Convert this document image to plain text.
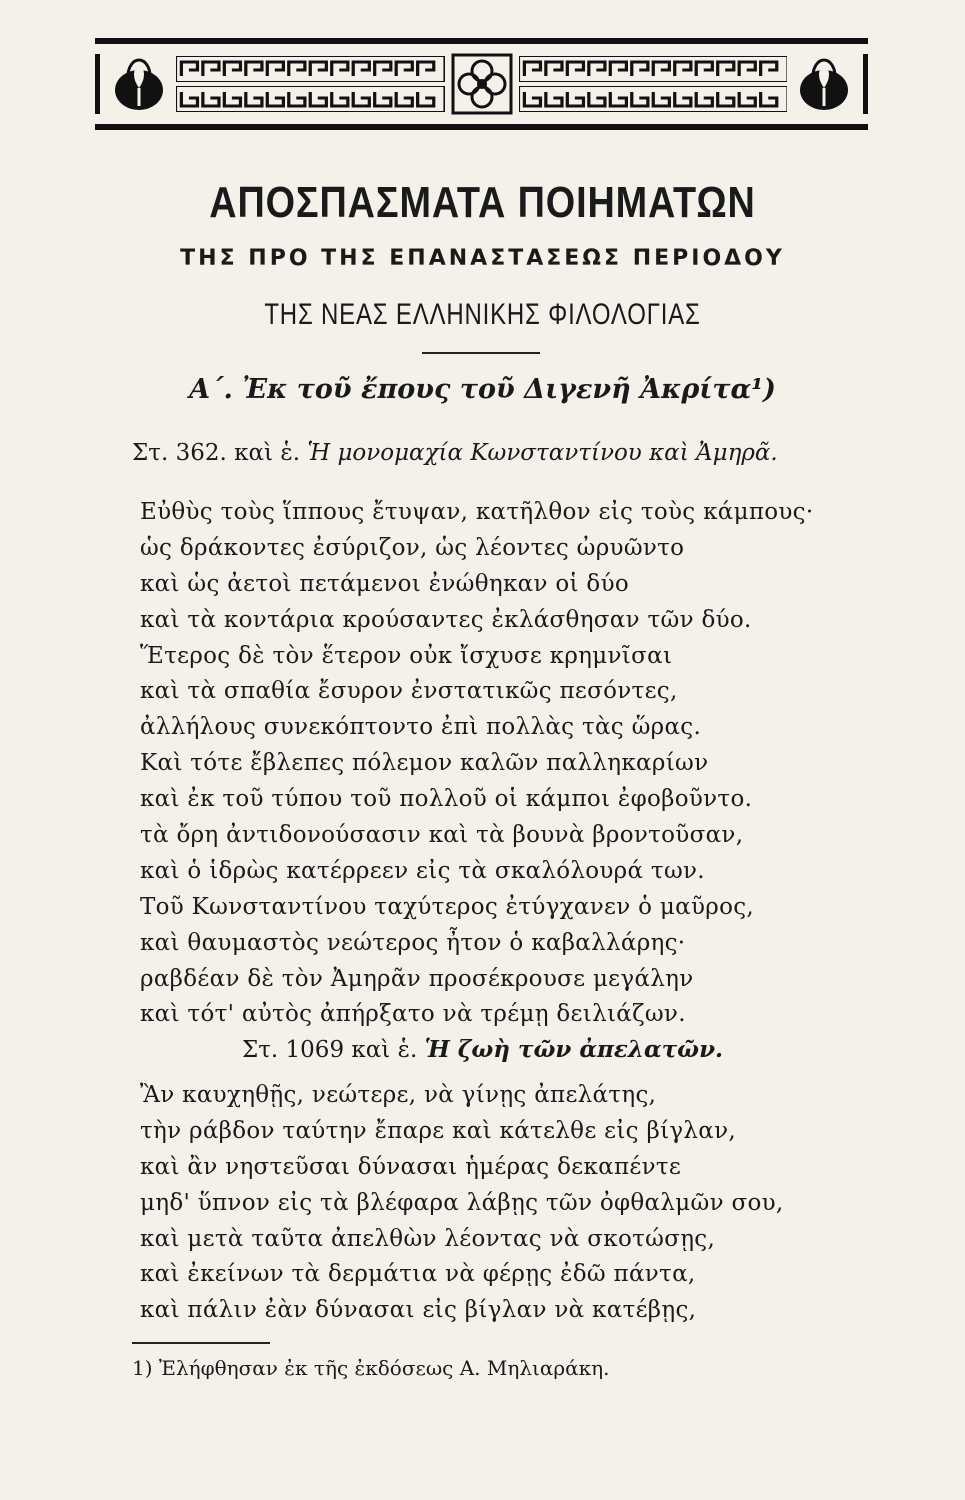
ΑΠΟΣΠΑΣΜΑΤΑ ΠΟΙΗΜΑΤΩΝ
ΤΗΣ ΠΡΟ ΤΗΣ ΕΠΑΝΑΣΤΑΣΕΩΣ ΠΕΡΙΟΔΟΥ
ΤΗΣ ΝΕΑΣ ΕΛΛΗΝΙΚΗΣ ΦΙΛΟΛΟΓΙΑΣ
Α΄. Ἐκ τοῦ ἔπους τοῦ Διγενῆ Ἀκρίτα¹)
Στ. 362. καὶ ἑ. Ἡ μονομαχία Κωνσταντίνου καὶ Ἀμηρᾶ.
Εὐθὺς τοὺς ἵππους ἔτυψαν, κατῆλθον εἰς τοὺς κάμπους·
ὡς δράκοντες ἐσύριζον, ὡς λέοντες ὠρυῶντο
καὶ ὡς ἀετοὶ πετάμενοι ἐνώθηκαν οἱ δύο
καὶ τὰ κοντάρια κρούσαντες ἐκλάσθησαν τῶν δύο.
Ἕτερος δὲ τὸν ἕτερον οὐκ ἴσχυσε κρημνῖσαι
καὶ τὰ σπαθία ἔσυρον ἐνστατικῶς πεσόντες,
ἀλλήλους συνεκόπτοντο ἐπὶ πολλὰς τὰς ὥρας.
Καὶ τότε ἔβλεπες πόλεμον καλῶν παλληκαρίων
καὶ ἐκ τοῦ τύπου τοῦ πολλοῦ οἱ κάμποι ἐφοβοῦντο.
τὰ ὄρη ἀντιδονούσασιν καὶ τὰ βουνὰ βροντοῦσαν,
καὶ ὁ ἱδρὼς κατέρρεεν εἰς τὰ σκαλόλουρά των.
Τοῦ Κωνσταντίνου ταχύτερος ἐτύγχανεν ὁ μαῦρος,
καὶ θαυμαστὸς νεώτερος ἦτον ὁ καβαλλάρης·
ραβδέαν δὲ τὸν Ἀμηρᾶν προσέκρουσε μεγάλην
καὶ τότ' αὐτὸς ἀπήρξατο νὰ τρέμῃ δειλιάζων.
Στ. 1069 καὶ ἑ. Ἡ ζωὴ τῶν ἀπελατῶν.
Ἂν καυχηθῇς, νεώτερε, νὰ γίνῃς ἀπελάτης,
τὴν ράβδον ταύτην ἔπαρε καὶ κάτελθε εἰς βίγλαν,
καὶ ἂν νηστεῦσαι δύνασαι ἡμέρας δεκαπέντε
μηδ' ὕπνον εἰς τὰ βλέφαρα λάβῃς τῶν ὀφθαλμῶν σου,
καὶ μετὰ ταῦτα ἀπελθὼν λέοντας νὰ σκοτώσῃς,
καὶ ἐκείνων τὰ δερμάτια νὰ φέρῃς ἐδῶ πάντα,
καὶ πάλιν ἐὰν δύνασαι εἰς βίγλαν νὰ κατέβῃς,
1) Ἐλήφθησαν ἐκ τῆς ἐκδόσεως Α. Μηλιαράκη.
